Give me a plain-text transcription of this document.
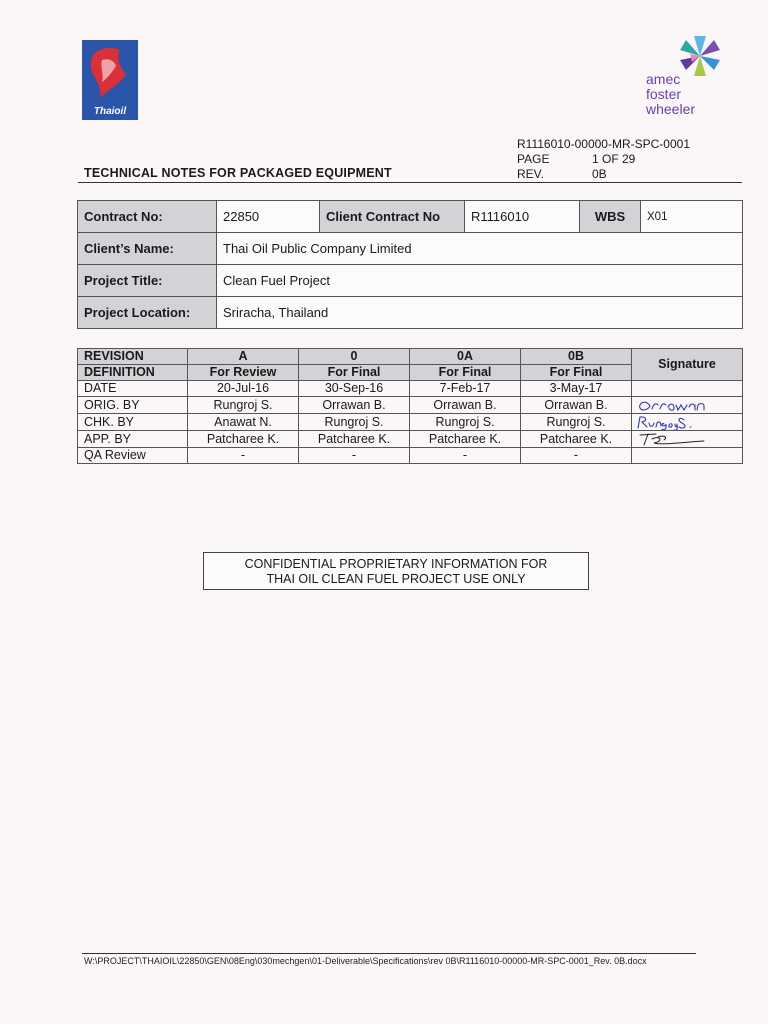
Thaioil
amec
foster
wheeler
R1116010-00000-MR-SPC-0001
PAGE	1 OF 29
REV.	0B
TECHNICAL NOTES FOR PACKAGED EQUIPMENT
Contract No:	22850	Client Contract No	R1116010	WBS	X01
Client’s Name:	Thai Oil Public Company Limited				
Project Title:	Clean Fuel Project				
Project Location:	Sriracha, Thailand				
REVISION	A	0	0A	0B	Signature
DEFINITION	For Review	For Final	For Final	For Final	
DATE	20-Jul-16	30-Sep-16	7-Feb-17	3-May-17	
ORIG. BY	Rungroj S.	Orrawan B.	Orrawan B.	Orrawan B.	

CHK. BY	Anawat N.	Rungroj S.	Rungroj S.	Rungroj S.	

APP. BY	Patcharee K.	Patcharee K.	Patcharee K.	Patcharee K.	

QA Review	-	-	-	-	
CONFIDENTIAL PROPRIETARY INFORMATION FOR
THAI OIL CLEAN FUEL PROJECT USE ONLY
W:\PROJECT\THAIOIL\22850\GEN\08Eng\030mechgen\01-Deliverable\Specifications\rev 0B\R1116010-00000-MR-SPC-0001_Rev. 0B.docx
